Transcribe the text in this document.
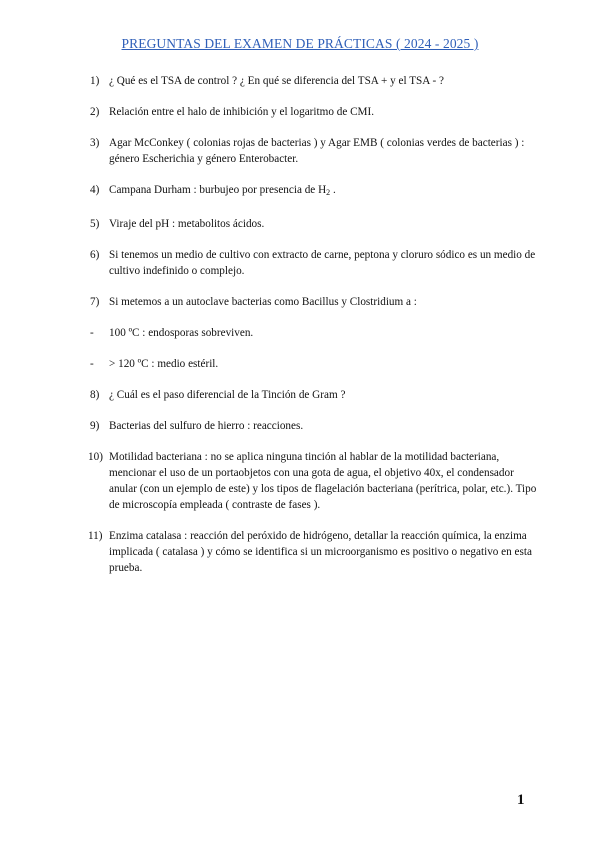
PREGUNTAS DEL EXAMEN DE PRÁCTICAS ( 2024 - 2025 )
1) ¿ Qué es el TSA de control ? ¿ En qué se diferencia del TSA + y el TSA - ?
2) Relación entre el halo de inhibición y el logaritmo de CMI.
3) Agar McConkey ( colonias rojas de bacterias ) y Agar EMB ( colonias verdes de bacterias ) : género Escherichia y género Enterobacter.
4) Campana Durham : burbujeo por presencia de $H_2$ .
5) Viraje del pH : metabolitos ácidos.
6) Si tenemos un medio de cultivo con extracto de carne, peptona y cloruro sódico es un medio de cultivo indefinido o complejo.
7) Si metemos a un autoclave bacterias como Bacillus y Clostridium a :
- 100 ºC : endosporas sobreviven.
- > 120 ºC : medio estéril.
8) ¿ Cuál es el paso diferencial de la Tinción de Gram ?
9) Bacterias del sulfuro de hierro : reacciones.
10) Motilidad bacteriana : no se aplica ninguna tinción al hablar de la motilidad bacteriana, mencionar el uso de un portaobjetos con una gota de agua, el objetivo 40x, el condensador anular (con un ejemplo de este) y los tipos de flagelación bacteriana (perítrica, polar, etc.). Tipo de microscopía empleada ( contraste de fases ).
11) Enzima catalasa : reacción del peróxido de hidrógeno, detallar la reacción química, la enzima implicada ( catalasa ) y cómo se identifica si un microorganismo es positivo o negativo en esta prueba.
1
